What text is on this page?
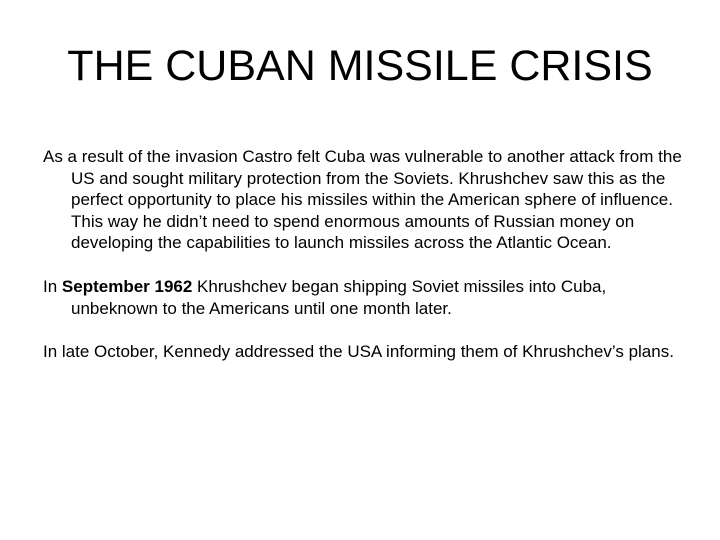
THE CUBAN MISSILE CRISIS

As a result of the invasion Castro felt Cuba was vulnerable to another attack from the US and sought military protection from the Soviets. Khrushchev saw this as the perfect opportunity to place his missiles within the American sphere of influence. This way he didn’t need to spend enormous amounts of Russian money on developing the capabilities to launch missiles across the Atlantic Ocean.

In September 1962 Khrushchev began shipping Soviet missiles into Cuba, unbeknown to the Americans until one month later.

In late October, Kennedy addressed the USA informing them of Khrushchev’s plans.
